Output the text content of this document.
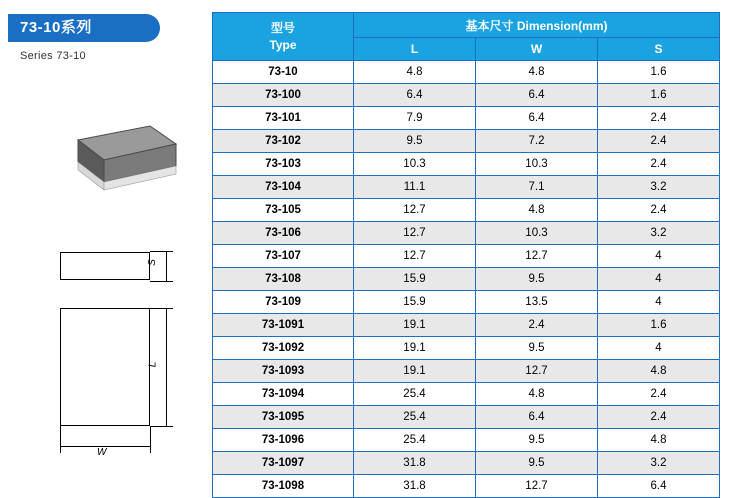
73-10系列
Series 73-10
S
L
W
型号
Type	基本尺寸 Dimension(mm)		
	L	W	S
73-10	4.8	4.8	1.6
73-100	6.4	6.4	1.6
73-101	7.9	6.4	2.4
73-102	9.5	7.2	2.4
73-103	10.3	10.3	2.4
73-104	11.1	7.1	3.2
73-105	12.7	4.8	2.4
73-106	12.7	10.3	3.2
73-107	12.7	12.7	4
73-108	15.9	9.5	4
73-109	15.9	13.5	4
73-1091	19.1	2.4	1.6
73-1092	19.1	9.5	4
73-1093	19.1	12.7	4.8
73-1094	25.4	4.8	2.4
73-1095	25.4	6.4	2.4
73-1096	25.4	9.5	4.8
73-1097	31.8	9.5	3.2
73-1098	31.8	12.7	6.4
